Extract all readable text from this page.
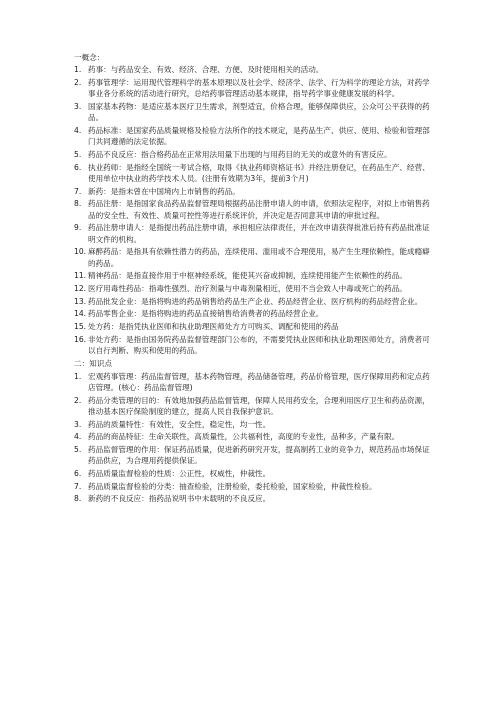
一概念：
1. 药事：与药品安全、有效、经济、合理、方便、及时使用相关的活动。
2. 药事管理学：运用现代管理科学的基本原理以及社会学、经济学、法学、行为科学的理论方法，对药学事业各分系统的活动进行研究，总结药事管理活动基本规律，指导药学事业健康发展的科学。
3. 国家基本药物：是适应基本医疗卫生需求，剂型适宜，价格合理，能够保障供应，公众可公平获得的药品。
4. 药品标准：是国家药品质量规格及检验方法所作的技术规定，是药品生产、供应、使用、检验和管理部门共同遵循的法定依据。
5. 药品不良反应：指合格药品在正常用法用量下出现的与用药目的无关的或意外的有害反应。
6. 执业药师：是指经全国统一考试合格，取得《执业药师资格证书》并经注册登记，在药品生产、经营、使用单位中执业的药学技术人员。(注册有效期为3年，提前3个月)
7. 新药：是指未曾在中国境内上市销售的药品。
8. 药品注册：是指国家食品药品监督管理局根据药品注册申请人的申请，依照法定程序，对拟上市销售药品的安全性、有效性、质量可控性等进行系统评价，并决定是否同意其申请的审批过程。
9. 药品注册申请人：是指提出药品注册申请，承担相应法律责任，并在改申请获得批准后持有药品批准证明文件的机构。
10. 麻醉药品：是指具有依赖性潜力的药品，连续使用、滥用或不合理使用，易产生生理依赖性，能成瘾癖的药品。
11. 精神药品：是指直接作用于中枢神经系统，能使其兴奋或抑制，连续使用能产生依赖性的药品。
12. 医疗用毒性药品：指毒性强烈、治疗剂量与中毒剂量相近，使用不当会致人中毒或死亡的药品。
13. 药品批发企业：是指将购进的药品销售给药品生产企业、药品经营企业、医疗机构的药品经营企业。
14. 药品零售企业：是指将购进的药品直接销售给消费者的药品经营企业。
15. 处方药：是指凭执业医师和执业助理医师处方方可购买、调配和使用的药品
16. 非处方药：是指由国务院药品监督管理部门公布的，不需要凭执业医师和执业助理医师处方，消费者可以自行判断、购买和使用的药品。
二：知识点
1. 宏观药事管理：药品监督管理，基本药物管理，药品储备管理，药品价格管理，医疗保障用药和定点药店管理。(核心：药品监督管理)
2. 药品分类管理的目的：有效地加强药品监督管理，保障人民用药安全，合理利用医疗卫生和药品资源，推动基本医疗保险制度的建立，提高人民自我保护意识。
3. 药品的质量特性：有效性，安全性，稳定性，均一性。
4. 药品的商品特征：生命关联性，高质量性，公共福利性，高度的专业性，品种多，产量有限。
5. 药品监督管理的作用：保证药品质量，促进新药研究开发，提高制药工业的竞争力，规范药品市场保证药品供应，为合理用药提供保证。
6. 药品质量监督检验的性质：公正性，权威性，仲裁性。
7. 药品质量监督检验的分类：抽查检验，注册检验，委托检验，国家检验，仲裁性检验。
8. 新药的不良反应：指药品说明书中未载明的不良反应。
